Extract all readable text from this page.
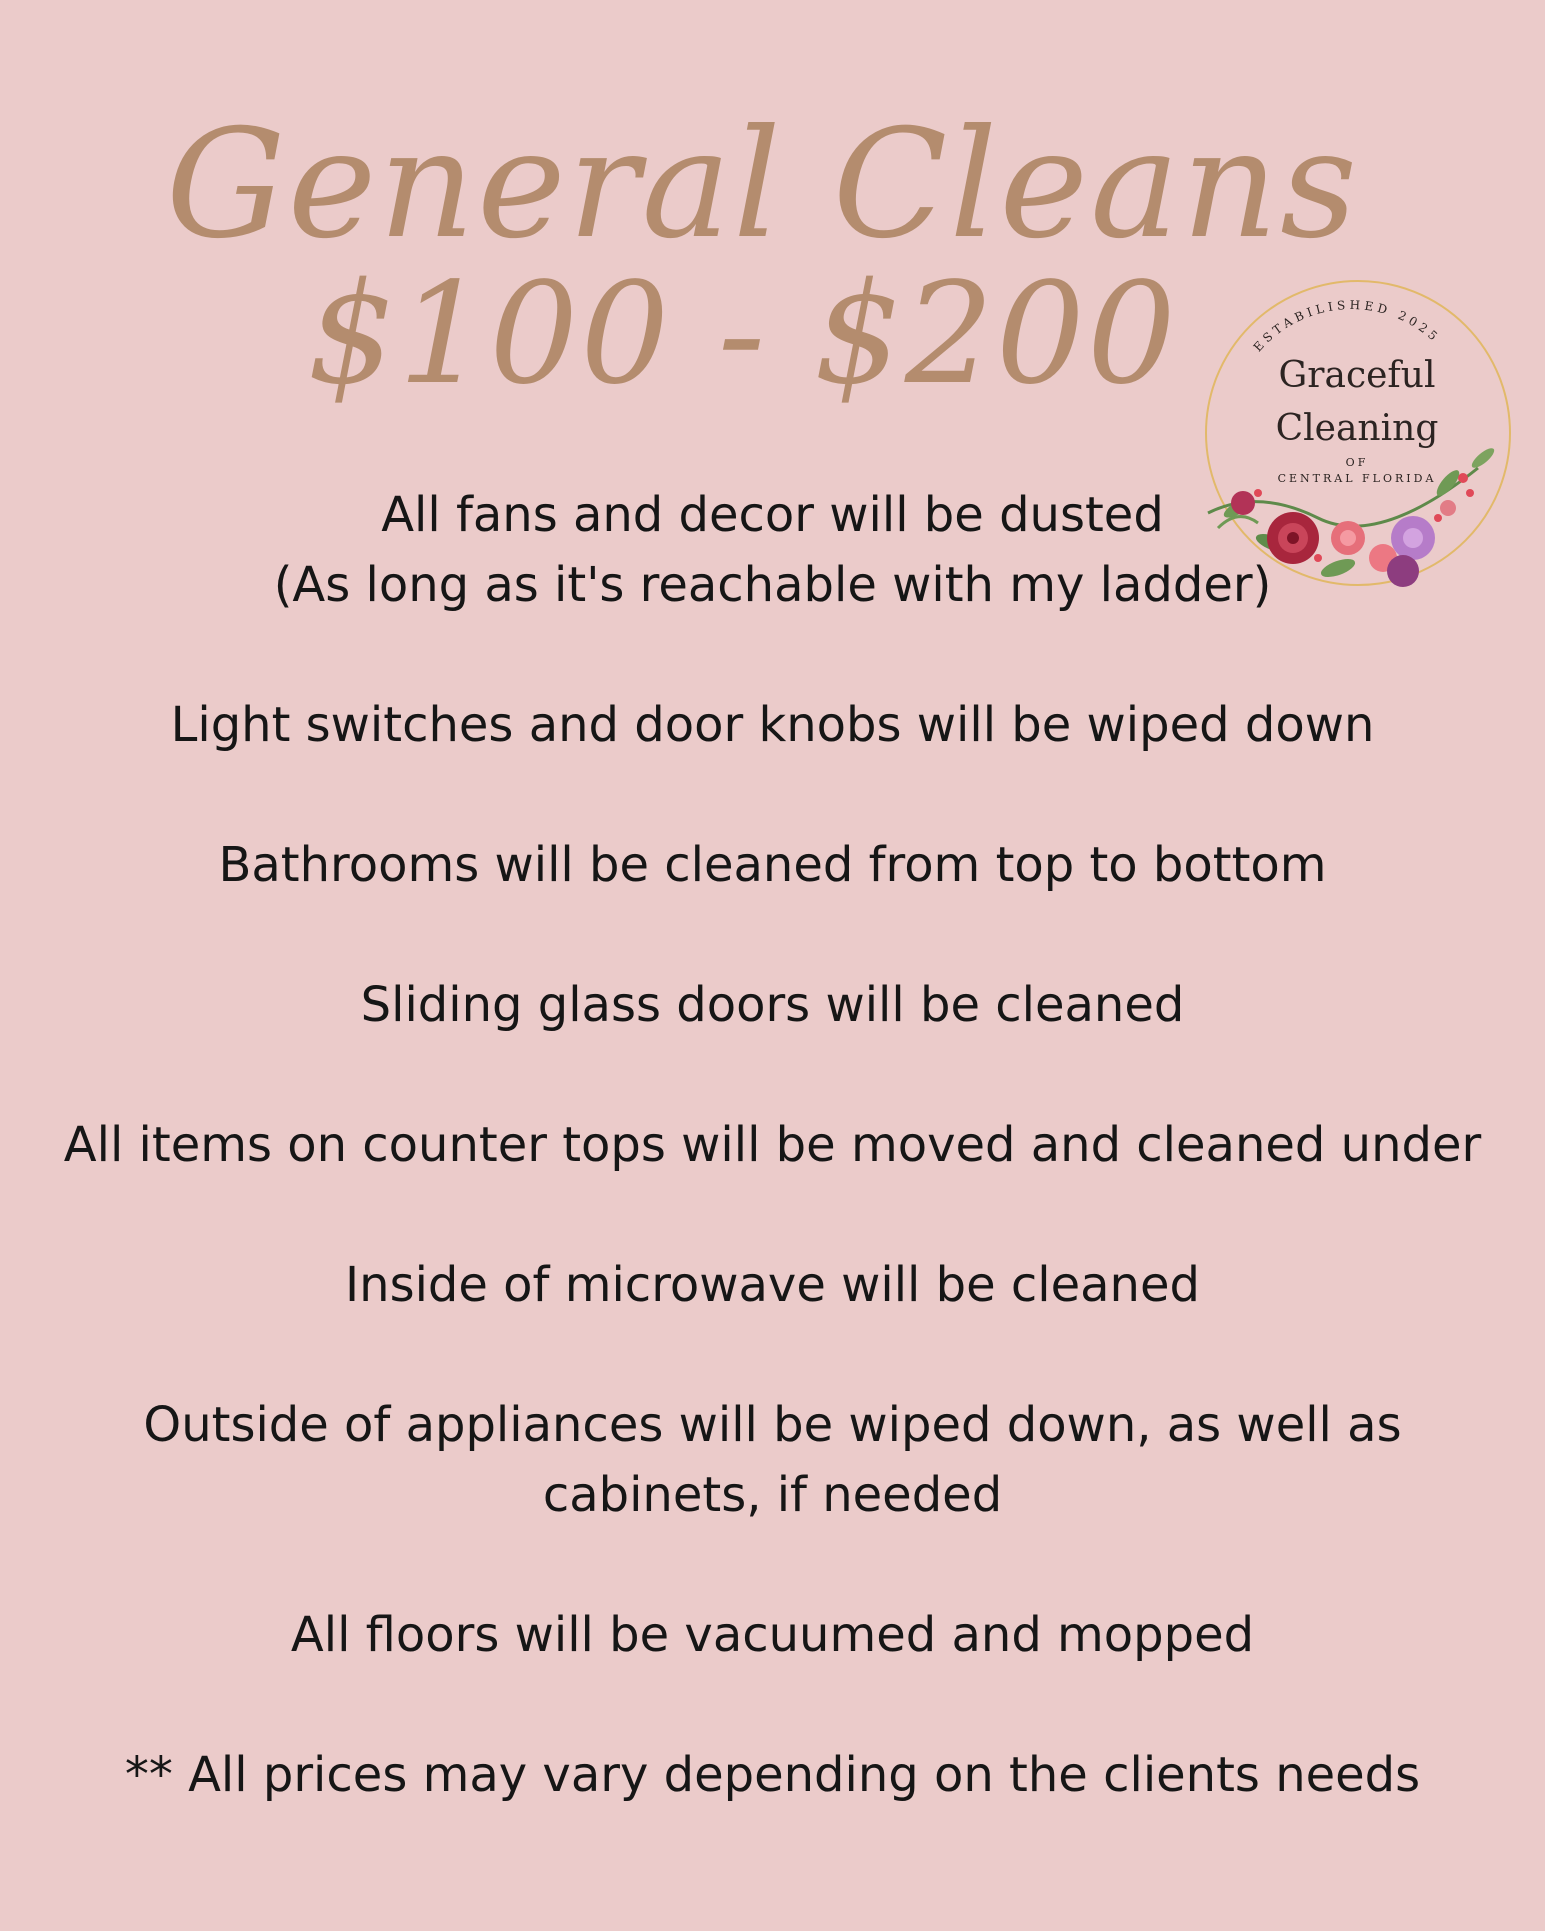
General Cleans
$100 - $200	ESTABILISHED 2025
Graceful
Cleaning
OF
CENTRAL FLORIDA
All fans and decor will be dusted
(As long as it's reachable with my ladder)
Light switches and door knobs will be wiped down
Bathrooms will be cleaned from top to bottom
Sliding glass doors will be cleaned
All items on counter tops will be moved and cleaned under
Inside of microwave will be cleaned
Outside of appliances will be wiped down, as well as
cabinets, if needed
All floors will be vacuumed and mopped
** All prices may vary depending on the clients needs
